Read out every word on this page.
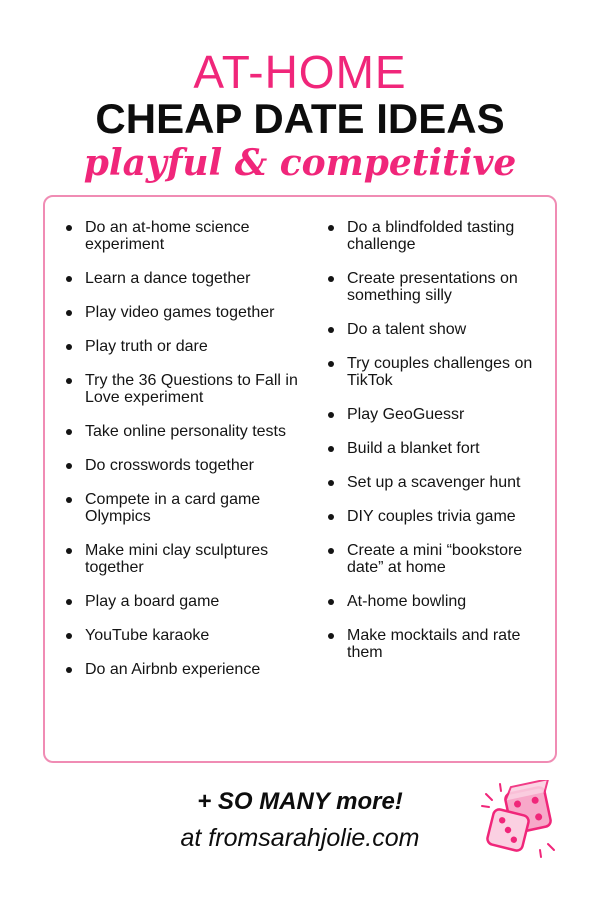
AT-HOME
CHEAP DATE IDEAS
playful & competitive
Do an at-home science experiment
Learn a dance together
Play video games together
Play truth or dare
Try the 36 Questions to Fall in Love experiment
Take online personality tests
Do crosswords together
Compete in a card game Olympics
Make mini clay sculptures together
Play a board game
YouTube karaoke
Do an Airbnb experience
Do a blindfolded tasting challenge
Create presentations on something silly
Do a talent show
Try couples challenges on TikTok
Play GeoGuessr
Build a blanket fort
Set up a scavenger hunt
DIY couples trivia game
Create a mini “bookstore date” at home
At-home bowling
Make mocktails and rate them
+ SO MANY more!
at fromsarahjolie.com
